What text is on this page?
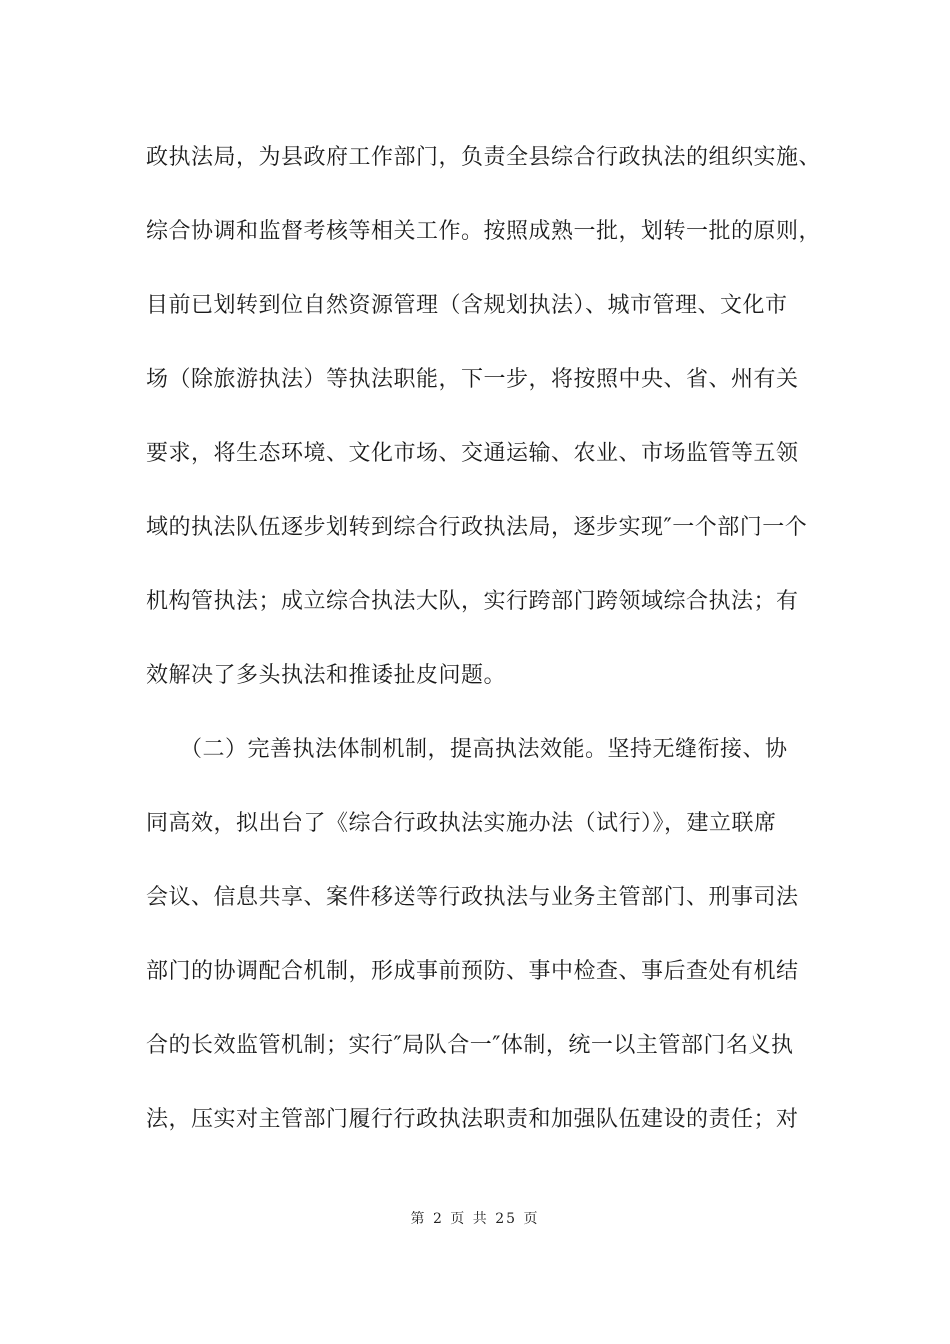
政执法局，为县政府工作部门，负责全县综合行政执法的组织实施、
综合协调和监督考核等相关工作。按照成熟一批，划转一批的原则，
目前已划转到位自然资源管理（含规划执法）、城市管理、文化市
场（除旅游执法）等执法职能，下一步，将按照中央、省、州有关
要求，将生态环境、文化市场、交通运输、农业、市场监管等五领
域的执法队伍逐步划转到综合行政执法局，逐步实现″一个部门一个
机构管执法；成立综合执法大队，实行跨部门跨领域综合执法；有
效解决了多头执法和推诿扯皮问题。
　　（二）完善执法体制机制，提高执法效能。坚持无缝衔接、协
同高效，拟出台了《综合行政执法实施办法（试行）》，建立联席
会议、信息共享、案件移送等行政执法与业务主管部门、刑事司法
部门的协调配合机制，形成事前预防、事中检查、事后查处有机结
合的长效监管机制；实行″局队合一″体制，统一以主管部门名义执
法，压实对主管部门履行行政执法职责和加强队伍建设的责任；对
第 2 页 共 25 页
